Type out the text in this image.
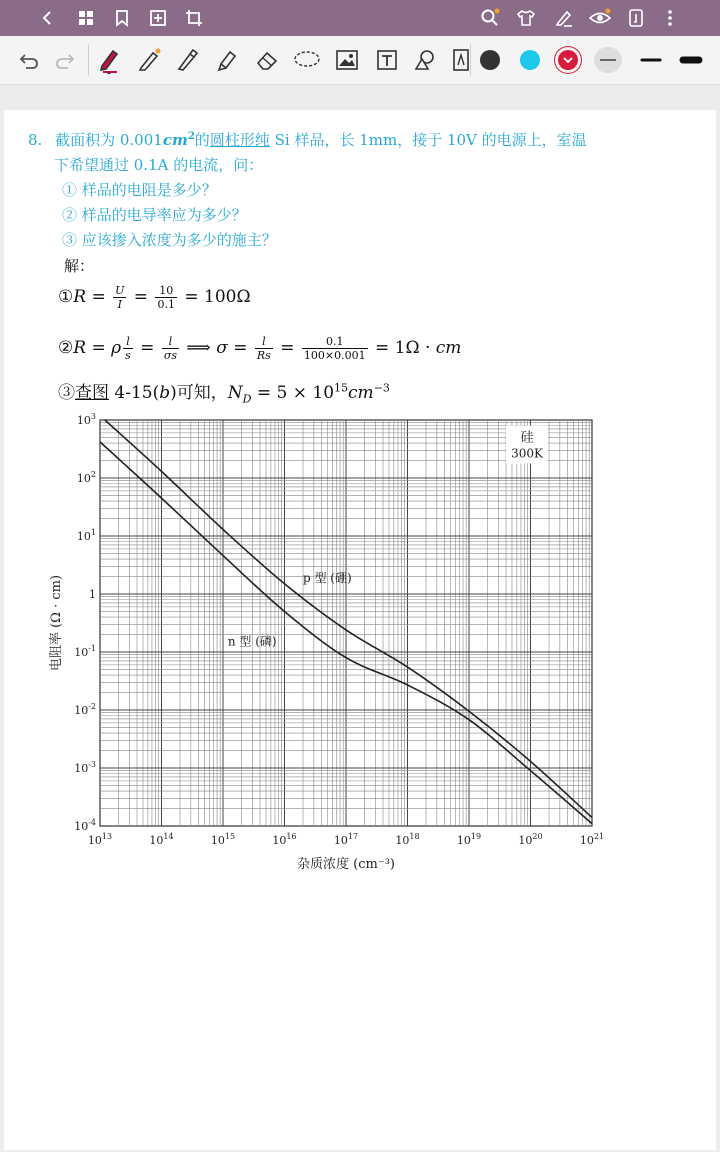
8. 截面积为 $0.001cm^2$的圆柱形纯 Si 样品，长 1mm，接于 10V 的电源上，室温
下希望通过 0.1A 的电流，问：
① 样品的电阻是多少？
② 样品的电导率应为多少？
③ 应该掺入浓度为多少的施主？
解：
①R = $\frac{U}{I} = \frac{10}{0.1} = 100\Omega$
②R = ρ $\frac{l}{s} = \frac{l}{\sigma s}$ ⟹ $\sigma = \frac{l}{Rs} = \frac{0.1}{100\times 0.001} = 1\Omega$ · cm
③查图 4-15(b)可知，$N_D = 5 \times 10^{15}cm^{-3}$
$10^{13}$	$10^{14}$	$10^{15}$	$10^{16}$	$10^{17}$	$10^{18}$	$10^{19}$	$10^{20}$	$10^{21}$
$10^{-4}$
$10^{-3}$
$10^{-2}$
$10^{-1}$
1
$10^1$
$10^2$
$10^3$
p 型 (硼)
n 型 (磷)
硅
300K
杂质浓度 (cm⁻³)
电阻率 (Ω · cm)
学霸DD课 bilibili
